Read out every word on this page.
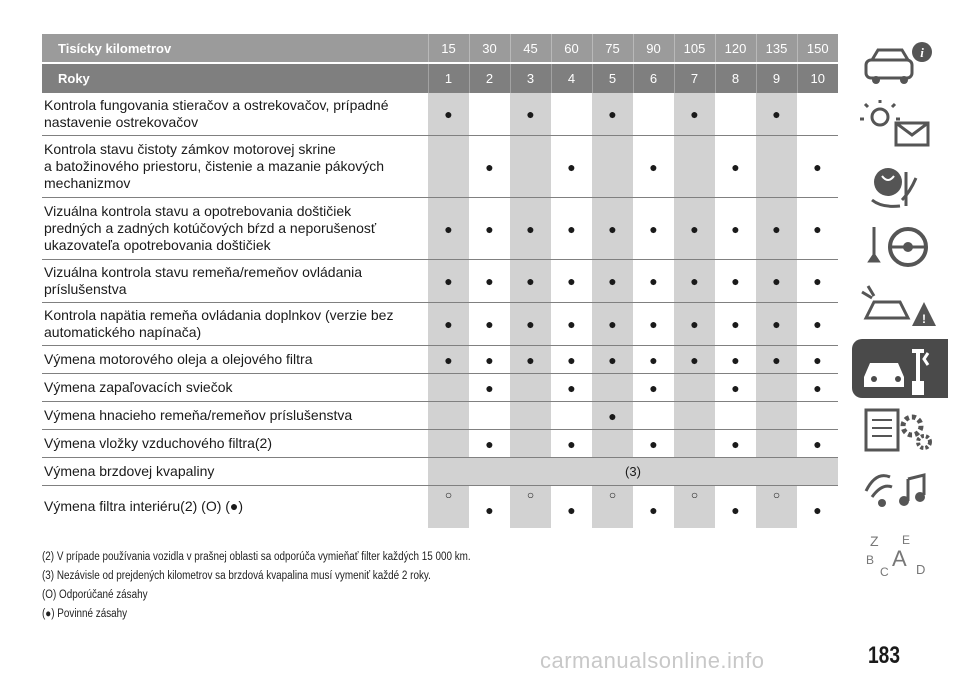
Tisícky kilometrov	15	30	45	60	75	90	105	120	135	150
Roky	1	2	3	4	5	6	7	8	9	10
Kontrola fungovania stieračov a ostrekovačov, prípadné
nastavenie ostrekovačov	●		●		●		●		●	
Kontrola stavu čistoty zámkov motorovej skrine
a batožinového priestoru, čistenie a mazanie pákových
mechanizmov		●		●		●		●		●
Vizuálna kontrola stavu a opotrebovania doštičiek
predných a zadných kotúčových bŕzd a neporušenosť
ukazovateľa opotrebovania doštičiek	●	●	●	●	●	●	●	●	●	●
Vizuálna kontrola stavu remeňa/remeňov ovládania
príslušenstva	●	●	●	●	●	●	●	●	●	●
Kontrola napätia remeňa ovládania doplnkov (verzie bez
automatického napínača)	●	●	●	●	●	●	●	●	●	●
Výmena motorového oleja a olejového filtra	●	●	●	●	●	●	●	●	●	●
Výmena zapaľovacích sviečok		●		●		●		●		●
Výmena hnacieho remeňa/remeňov príslušenstva					●					
Výmena vložky vzduchového filtra(2)		●		●		●		●		●
Výmena brzdovej kvapaliny	(3)									
Výmena filtra interiéru(2) (O) (●)	○	●	○	●	○	●	○	●	○	●
(2) V prípade používania vozidla v prašnej oblasti sa odporúča vymieňať filter každých 15 000 km.
(3) Nezávisle od prejdených kilometrov sa brzdová kvapalina musí vymeniť každé 2 roky.
(O) Odporúčané zásahy
(●) Povinné zásahy
i
!
Z E
B A
C D
carmanualsonline.info	183
